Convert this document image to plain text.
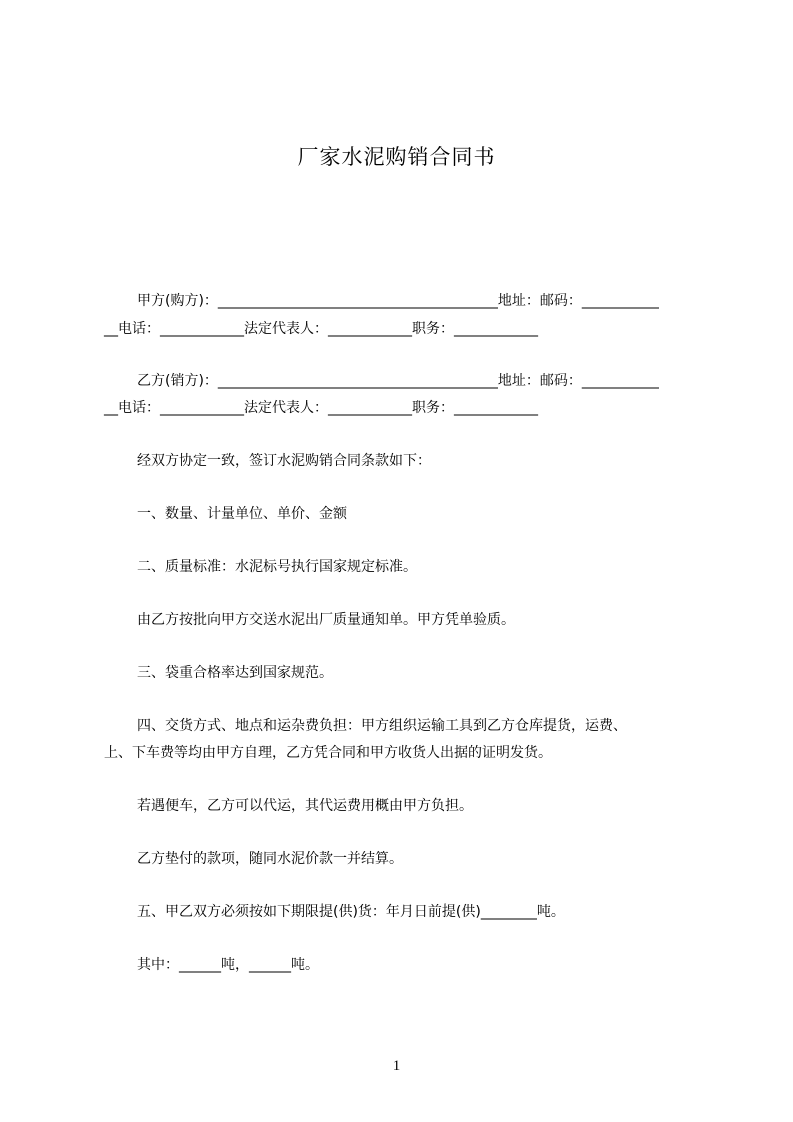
厂家水泥购销合同书
甲方(购方)：________________________________________地址：邮码：___________
__电话：____________法定代表人：____________职务：____________
乙方(销方)：________________________________________地址：邮码：___________
__电话：____________法定代表人：____________职务：____________
经双方协定一致，签订水泥购销合同条款如下：
一、数量、计量单位、单价、金额
二、质量标准：水泥标号执行国家规定标准。
由乙方按批向甲方交送水泥出厂质量通知单。甲方凭单验质。
三、袋重合格率达到国家规范。
四、交货方式、地点和运杂费负担：甲方组织运输工具到乙方仓库提货，运费、
上、下车费等均由甲方自理，乙方凭合同和甲方收货人出据的证明发货。
若遇便车，乙方可以代运，其代运费用概由甲方负担。
乙方垫付的款项，随同水泥价款一并结算。
五、甲乙双方必须按如下期限提(供)货：年月日前提(供)________吨。
其中：______吨，______吨。
1
